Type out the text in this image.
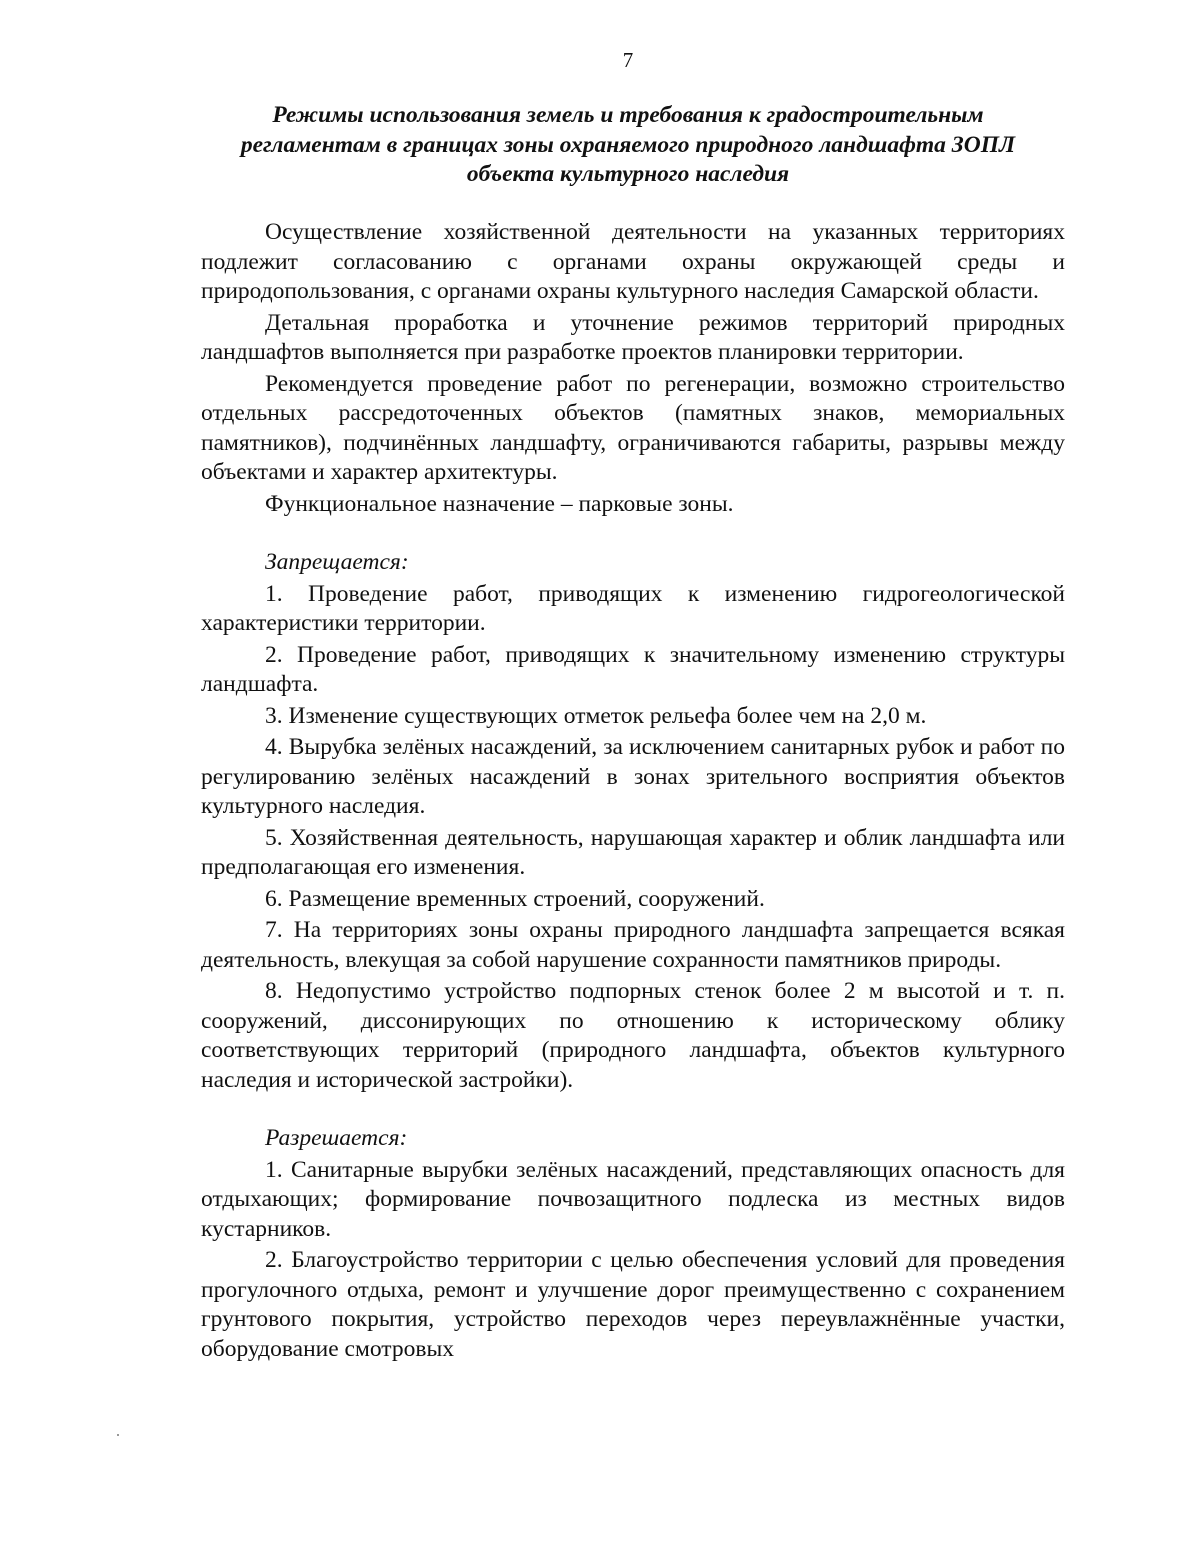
7
Режимы использования земель и требования к градостроительным
регламентам в границах зоны охраняемого природного ландшафта ЗОПЛ
объекта культурного наследия

Осуществление хозяйственной деятельности на указанных территориях подлежит согласованию с органами охраны окружающей среды и природопользования, с органами охраны культурного наследия Самарской области.

Детальная проработка и уточнение режимов территорий природных ландшафтов выполняется при разработке проектов планировки территории.

Рекомендуется проведение работ по регенерации, возможно строительство отдельных рассредоточенных объектов (памятных знаков, мемориальных памятников), подчинённых ландшафту, ограничиваются габариты, разрывы между объектами и характер архитектуры.

Функциональное назначение – парковые зоны.

Запрещается:

1. Проведение работ, приводящих к изменению гидрогеологической характеристики территории.

2. Проведение работ, приводящих к значительному изменению структуры ландшафта.

3. Изменение существующих отметок рельефа более чем на 2,0 м.

4. Вырубка зелёных насаждений, за исключением санитарных рубок и работ по регулированию зелёных насаждений в зонах зрительного восприятия объектов культурного наследия.

5. Хозяйственная деятельность, нарушающая характер и облик ландшафта или предполагающая его изменения.

6. Размещение временных строений, сооружений.

7. На территориях зоны охраны природного ландшафта запрещается всякая деятельность, влекущая за собой нарушение сохранности памятников природы.

8. Недопустимо устройство подпорных стенок более 2 м высотой и т. п. сооружений, диссонирующих по отношению к историческому облику соответствующих территорий (природного ландшафта, объектов культурного наследия и исторической застройки).

Разрешается:

1. Санитарные вырубки зелёных насаждений, представляющих опасность для отдыхающих; формирование почвозащитного подлеска из местных видов кустарников.

2. Благоустройство территории с целью обеспечения условий для проведения прогулочного отдыха, ремонт и улучшение дорог преимущественно с сохранением грунтового покрытия, устройство переходов через переувлажнённые участки, оборудование смотровых
